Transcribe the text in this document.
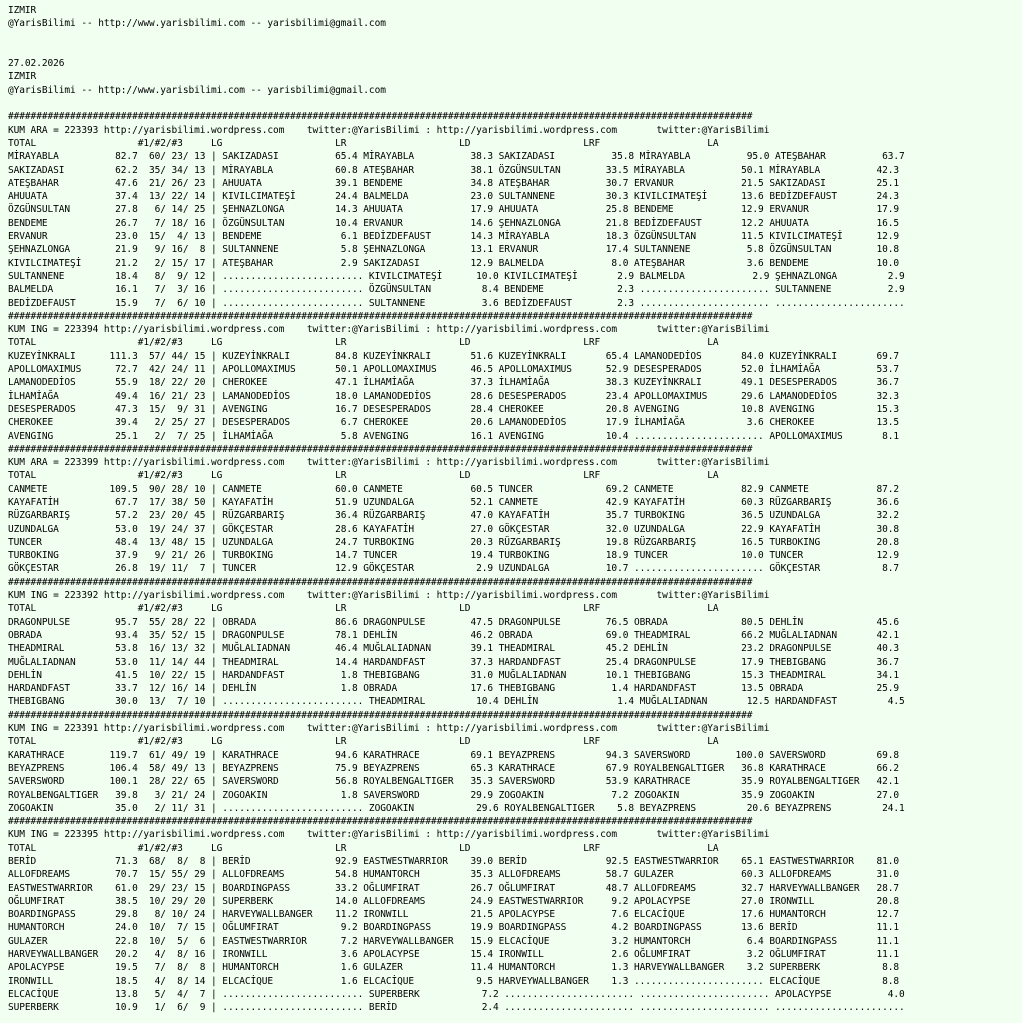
IZMIR
@YarisBilimi -- http://www.yarisbilimi.com -- yarisbilimi@gmail.com
27.02.2026
IZMIR
@YarisBilimi -- http://www.yarisbilimi.com -- yarisbilimi@gmail.com
####################################################################################################################################
KUM ARA = 223393 http://yarisbilimi.wordpress.com    twitter:@YarisBilimi : http://yarisbilimi.wordpress.com       twitter:@YarisBilimi
TOTAL                  #1/#2/#3     LG                    LR                    LD                    LRF                   LA
MİRAYABLA          82.7  60/ 23/ 13 | SAKIZADASI          65.4 MİRAYABLA          38.3 SAKIZADASI          35.8 MİRAYABLA          95.0 ATEŞBAHAR          63.7
SAKIZADASI         62.2  35/ 34/ 13 | MİRAYABLA           60.8 ATEŞBAHAR          38.1 ÖZGÜNSULTAN        33.5 MİRAYABLA          50.1 MİRAYABLA          42.3
ATEŞBAHAR          47.6  21/ 26/ 23 | AHUUATA             39.1 BENDEME            34.8 ATEŞBAHAR          30.7 ERVANUR            21.5 SAKIZADASI         25.1
AHUUATA            37.4  13/ 22/ 14 | KIVILCIMATEŞİ       24.4 BALMELDA           23.0 SULTANNENE         30.3 KIVILCIMATEŞİ      13.6 BEDİZDEFAUST       24.3
ÖZGÜNSULTAN        27.8   6/ 14/ 25 | ŞEHNAZLONGA         14.3 AHUUATA            17.9 AHUUATA            25.8 BENDEME            12.9 ERVANUR            17.9
BENDEME            26.7   7/ 18/ 16 | ÖZGÜNSULTAN         10.4 ERVANUR            14.6 ŞEHNAZLONGA        21.8 BEDİZDEFAUST       12.2 AHUUATA            16.5
ERVANUR            23.0  15/  4/ 13 | BENDEME              6.1 BEDİZDEFAUST       14.3 MİRAYABLA          18.3 ÖZGÜNSULTAN        11.5 KIVILCIMATEŞİ      12.9
ŞEHNAZLONGA        21.9   9/ 16/  8 | SULTANNENE           5.8 ŞEHNAZLONGA        13.1 ERVANUR            17.4 SULTANNENE          5.8 ÖZGÜNSULTAN        10.8
KIVILCIMATEŞİ      21.2   2/ 15/ 17 | ATEŞBAHAR            2.9 SAKIZADASI         12.9 BALMELDA            8.0 ATEŞBAHAR           3.6 BENDEME            10.0
SULTANNENE         18.4   8/  9/ 12 | ......................... KIVILCIMATEŞİ      10.0 KIVILCIMATEŞİ       2.9 BALMELDA            2.9 ŞEHNAZLONGA         2.9
BALMELDA           16.1   7/  3/ 16 | ......................... ÖZGÜNSULTAN         8.4 BENDEME             2.3 ....................... SULTANNENE          2.9
BEDİZDEFAUST       15.9   7/  6/ 10 | ......................... SULTANNENE          3.6 BEDİZDEFAUST        2.3 ....................... .......................
####################################################################################################################################
KUM ING = 223394 http://yarisbilimi.wordpress.com    twitter:@YarisBilimi : http://yarisbilimi.wordpress.com       twitter:@YarisBilimi
TOTAL                  #1/#2/#3     LG                    LR                    LD                    LRF                   LA
KUZEYİNKRALI      111.3  57/ 44/ 15 | KUZEYİNKRALI        84.8 KUZEYİNKRALI       51.6 KUZEYİNKRALI       65.4 LAMANODEDİOS       84.0 KUZEYİNKRALI       69.7
APOLLOMAXIMUS      72.7  42/ 24/ 11 | APOLLOMAXIMUS       50.1 APOLLOMAXIMUS      46.5 APOLLOMAXIMUS      52.9 DESESPERADOS       52.0 İLHAMİAĞA          53.7
LAMANODEDİOS       55.9  18/ 22/ 20 | CHEROKEE            47.1 İLHAMİAĞA          37.3 İLHAMİAĞA          38.3 KUZEYİNKRALI       49.1 DESESPERADOS       36.7
İLHAMİAĞA          49.4  16/ 21/ 23 | LAMANODEDİOS        18.0 LAMANODEDİOS       28.6 DESESPERADOS       23.4 APOLLOMAXIMUS      29.6 LAMANODEDİOS       32.3
DESESPERADOS       47.3  15/  9/ 31 | AVENGING            16.7 DESESPERADOS       28.4 CHEROKEE           20.8 AVENGING           10.8 AVENGING           15.3
CHEROKEE           39.4   2/ 25/ 27 | DESESPERADOS         6.7 CHEROKEE           20.6 LAMANODEDİOS       17.9 İLHAMİAĞA           3.6 CHEROKEE           13.5
AVENGING           25.1   2/  7/ 25 | İLHAMİAĞA            5.8 AVENGING           16.1 AVENGING           10.4 ....................... APOLLOMAXIMUS       8.1
####################################################################################################################################
KUM ARA = 223399 http://yarisbilimi.wordpress.com    twitter:@YarisBilimi : http://yarisbilimi.wordpress.com       twitter:@YarisBilimi
TOTAL                  #1/#2/#3     LG                    LR                    LD                    LRF                   LA
CANMETE           109.5  90/ 28/ 10 | CANMETE             60.0 CANMETE            60.5 TUNCER             69.2 CANMETE            82.9 CANMETE            87.2
KAYAFATİH          67.7  17/ 38/ 50 | KAYAFATİH           51.9 UZUNDALGA          52.1 CANMETE            42.9 KAYAFATİH          60.3 RÜZGARBARIŞ        36.6
RÜZGARBARIŞ        57.2  23/ 20/ 45 | RÜZGARBARIŞ         36.4 RÜZGARBARIŞ        47.0 KAYAFATİH          35.7 TURBOKING          36.5 UZUNDALGA          32.2
UZUNDALGA          53.0  19/ 24/ 37 | GÖKÇESTAR           28.6 KAYAFATİH          27.0 GÖKÇESTAR          32.0 UZUNDALGA          22.9 KAYAFATİH          30.8
TUNCER             48.4  13/ 48/ 15 | UZUNDALGA           24.7 TURBOKING          20.3 RÜZGARBARIŞ        19.8 RÜZGARBARIŞ        16.5 TURBOKING          20.8
TURBOKING          37.9   9/ 21/ 26 | TURBOKING           14.7 TUNCER             19.4 TURBOKING          18.9 TUNCER             10.0 TUNCER             12.9
GÖKÇESTAR          26.8  19/ 11/  7 | TUNCER              12.9 GÖKÇESTAR           2.9 UZUNDALGA          10.7 ....................... GÖKÇESTAR           8.7
####################################################################################################################################
KUM ING = 223392 http://yarisbilimi.wordpress.com    twitter:@YarisBilimi : http://yarisbilimi.wordpress.com       twitter:@YarisBilimi
TOTAL                  #1/#2/#3     LG                    LR                    LD                    LRF                   LA
DRAGONPULSE        95.7  55/ 28/ 22 | OBRADA              86.6 DRAGONPULSE        47.5 DRAGONPULSE        76.5 OBRADA             80.5 DEHLİN             45.6
OBRADA             93.4  35/ 52/ 15 | DRAGONPULSE         78.1 DEHLİN             46.2 OBRADA             69.0 THEADMIRAL         66.2 MUĞLALIADNAN       42.1
THEADMIRAL         53.8  16/ 13/ 32 | MUĞLALIADNAN        46.4 MUĞLALIADNAN       39.1 THEADMIRAL         45.2 DEHLİN             23.2 DRAGONPULSE        40.3
MUĞLALIADNAN       53.0  11/ 14/ 44 | THEADMIRAL          14.4 HARDANDFAST        37.3 HARDANDFAST        25.4 DRAGONPULSE        17.9 THEBIGBANG         36.7
DEHLİN             41.5  10/ 22/ 15 | HARDANDFAST          1.8 THEBIGBANG         31.0 MUĞLALIADNAN       10.1 THEBIGBANG         15.3 THEADMIRAL         34.1
HARDANDFAST        33.7  12/ 16/ 14 | DEHLİN               1.8 OBRADA             17.6 THEBIGBANG          1.4 HARDANDFAST        13.5 OBRADA             25.9
THEBIGBANG         30.0  13/  7/ 10 | ......................... THEADMIRAL         10.4 DEHLİN              1.4 MUĞLALIADNAN       12.5 HARDANDFAST         4.5
####################################################################################################################################
KUM ING = 223391 http://yarisbilimi.wordpress.com    twitter:@YarisBilimi : http://yarisbilimi.wordpress.com       twitter:@YarisBilimi
TOTAL                  #1/#2/#3     LG                    LR                    LD                    LRF                   LA
KARATHRACE        119.7  61/ 49/ 19 | KARATHRACE          94.6 KARATHRACE         69.1 BEYAZPRENS         94.3 SAVERSWORD        100.0 SAVERSWORD         69.8
BEYAZPRENS        106.4  58/ 49/ 13 | BEYAZPRENS          75.9 BEYAZPRENS         65.3 KARATHRACE         67.9 ROYALBENGALTIGER   36.8 KARATHRACE         66.2
SAVERSWORD        100.1  28/ 22/ 65 | SAVERSWORD          56.8 ROYALBENGALTIGER   35.3 SAVERSWORD         53.9 KARATHRACE         35.9 ROYALBENGALTIGER   42.1
ROYALBENGALTIGER   39.8   3/ 21/ 24 | ZOGOAKIN             1.8 SAVERSWORD         29.9 ZOGOAKIN            7.2 ZOGOAKIN           35.9 ZOGOAKIN           27.0
ZOGOAKIN           35.0   2/ 11/ 31 | ......................... ZOGOAKIN           29.6 ROYALBENGALTIGER    5.8 BEYAZPRENS         20.6 BEYAZPRENS         24.1
####################################################################################################################################
KUM ING = 223395 http://yarisbilimi.wordpress.com    twitter:@YarisBilimi : http://yarisbilimi.wordpress.com       twitter:@YarisBilimi
TOTAL                  #1/#2/#3     LG                    LR                    LD                    LRF                   LA
BERİD              71.3  68/  8/  8 | BERİD               92.9 EASTWESTWARRIOR    39.0 BERİD              92.5 EASTWESTWARRIOR    65.1 EASTWESTWARRIOR    81.0
ALLOFDREAMS        70.7  15/ 55/ 29 | ALLOFDREAMS         54.8 HUMANTORCH         35.3 ALLOFDREAMS        58.7 GULAZER            60.3 ALLOFDREAMS        31.0
EASTWESTWARRIOR    61.0  29/ 23/ 15 | BOARDINGPASS        33.2 OĞLUMFIRAT         26.7 OĞLUMFIRAT         48.7 ALLOFDREAMS        32.7 HARVEYWALLBANGER   28.7
OĞLUMFIRAT         38.5  10/ 29/ 20 | SUPERBERK           14.0 ALLOFDREAMS        24.9 EASTWESTWARRIOR     9.2 APOLACYPSE         27.0 IRONWILL           20.8
BOARDINGPASS       29.8   8/ 10/ 24 | HARVEYWALLBANGER    11.2 IRONWILL           21.5 APOLACYPSE          7.6 ELCACİQUE          17.6 HUMANTORCH         12.7
HUMANTORCH         24.0  10/  7/ 15 | OĞLUMFIRAT           9.2 BOARDINGPASS       19.9 BOARDINGPASS        4.2 BOARDINGPASS       13.6 BERİD              11.1
GULAZER            22.8  10/  5/  6 | EASTWESTWARRIOR      7.2 HARVEYWALLBANGER   15.9 ELCACİQUE           3.2 HUMANTORCH          6.4 BOARDINGPASS       11.1
HARVEYWALLBANGER   20.2   4/  8/ 16 | IRONWILL             3.6 APOLACYPSE         15.4 IRONWILL            2.6 OĞLUMFIRAT          3.2 OĞLUMFIRAT         11.1
APOLACYPSE         19.5   7/  8/  8 | HUMANTORCH           1.6 GULAZER            11.4 HUMANTORCH          1.3 HARVEYWALLBANGER    3.2 SUPERBERK           8.8
IRONWILL           18.5   4/  8/ 14 | ELCACİQUE            1.6 ELCACİQUE           9.5 HARVEYWALLBANGER    1.3 ....................... ELCACİQUE           8.8
ELCACİQUE          13.8   5/  4/  7 | ......................... SUPERBERK           7.2 ....................... ....................... APOLACYPSE          4.0
SUPERBERK          10.9   1/  6/  9 | ......................... BERİD               2.4 ....................... ....................... .......................
